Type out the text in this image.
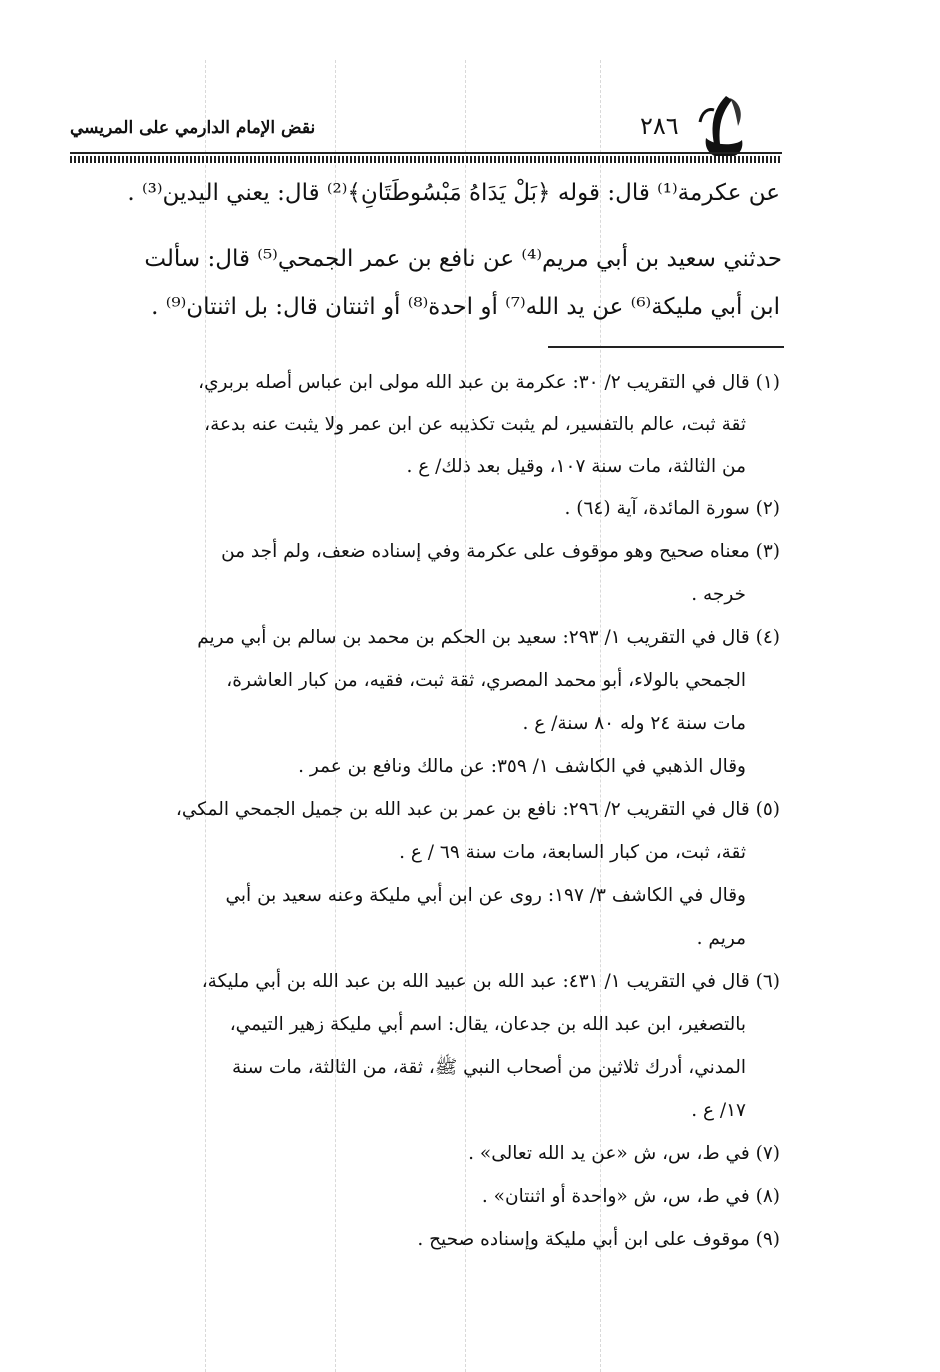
نقض الإمام الدارمي على المريسي	٢٨٦
عن عكرمة⁽¹⁾ قال: قوله ﴿بَلْ يَدَاهُ مَبْسُوطَتَانِ﴾⁽²⁾ قال: يعني اليدين⁽³⁾ .
حدثني سعيد بن أبي مريم⁽⁴⁾ عن نافع بن عمر الجمحي⁽⁵⁾ قال: سألت
ابن أبي مليكة⁽⁶⁾ عن يد الله⁽⁷⁾ أو احدة⁽⁸⁾ أو اثنتان قال: بل اثنتان⁽⁹⁾ .
(١) قال في التقريب ٢/ ٣٠: عكرمة بن عبد الله مولى ابن عباس أصله بربري،
ثقة ثبت، عالم بالتفسير، لم يثبت تكذيبه عن ابن عمر ولا يثبت عنه بدعة،
من الثالثة، مات سنة ١٠٧، وقيل بعد ذلك/ ع .
(٢) سورة المائدة، آية (٦٤) .
(٣) معناه صحيح وهو موقوف على عكرمة وفي إسناده ضعف، ولم أجد من
خرجه .
(٤) قال في التقريب ١/ ٢٩٣: سعيد بن الحكم بن محمد بن سالم بن أبي مريم
الجمحي بالولاء، أبو محمد المصري، ثقة ثبت، فقيه، من كبار العاشرة،
مات سنة ٢٤ وله ٨٠ سنة/ ع .
وقال الذهبي في الكاشف ١/ ٣٥٩: عن مالك ونافع بن عمر .
(٥) قال في التقريب ٢/ ٢٩٦: نافع بن عمر بن عبد الله بن جميل الجمحي المكي،
ثقة، ثبت، من كبار السابعة، مات سنة ٦٩ / ع .
وقال في الكاشف ٣/ ١٩٧: روى عن ابن أبي مليكة وعنه سعيد بن أبي
مريم .
(٦) قال في التقريب ١/ ٤٣١: عبد الله بن عبيد الله بن عبد الله بن أبي مليكة،
بالتصغير، ابن عبد الله بن جدعان، يقال: اسم أبي مليكة زهير التيمي،
المدني، أدرك ثلاثين من أصحاب النبي ﷺ، ثقة، من الثالثة، مات سنة
١٧/ ع .
(٧) في ط، س، ش «عن يد الله تعالى» .
(٨) في ط، س، ش «واحدة أو اثنتان» .
(٩) موقوف على ابن أبي مليكة وإسناده صحيح .
